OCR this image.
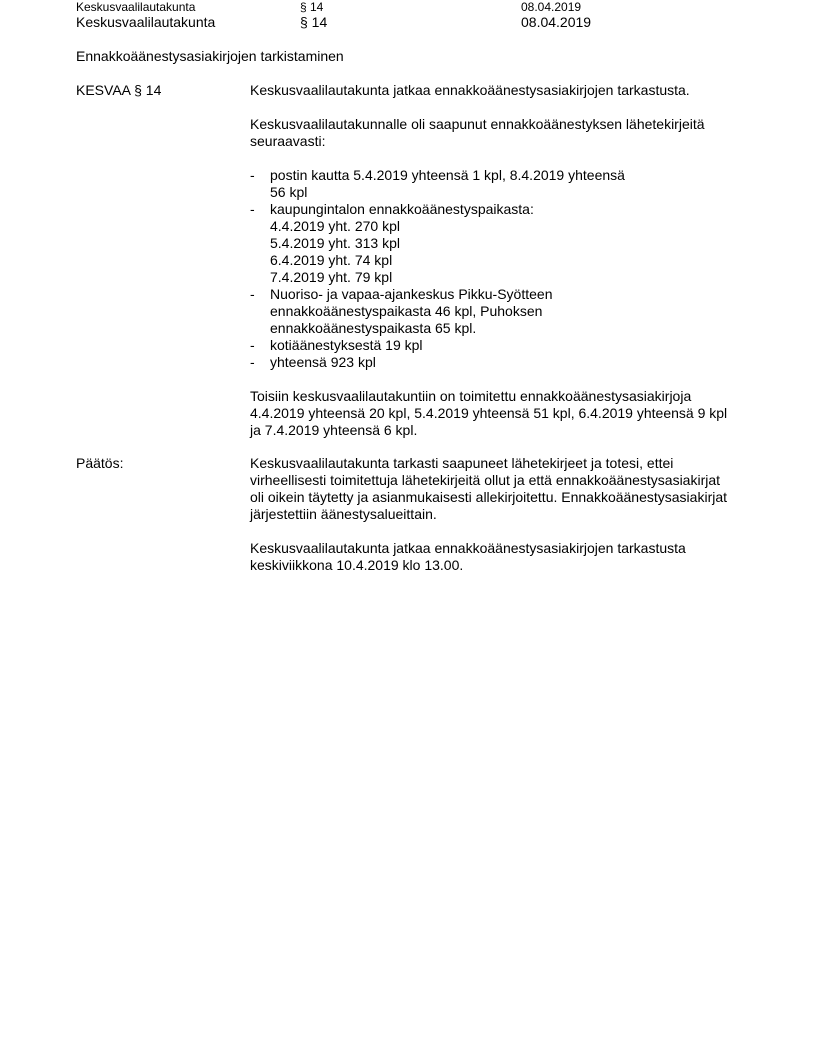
Keskusvaalilautakunta	§ 14	08.04.2019
Keskusvaalilautakunta	§ 14	08.04.2019
Ennakkoäänestysasiakirjojen tarkistaminen
KESVAA § 14	Keskusvaalilautakunta jatkaa ennakkoäänestysasiakirjojen tarkastusta.

Keskusvaalilautakunnalle oli saapunut ennakkoäänestyksen lähetekirjeitä seuraavasti:

- postin kautta 5.4.2019 yhteensä 1 kpl, 8.4.2019 yhteensä
56 kpl
- kaupungintalon ennakkoäänestyspaikasta:
4.4.2019 yht. 270 kpl
5.4.2019 yht. 313 kpl
6.4.2019 yht. 74 kpl
7.4.2019 yht. 79 kpl
- Nuoriso- ja vapaa-ajankeskus Pikku-Syötteen
ennakkoäänestyspaikasta 46 kpl, Puhoksen
ennakkoäänestyspaikasta 65 kpl.
- kotiäänestyksestä 19 kpl
- yhteensä 923 kpl

Toisiin keskusvaalilautakuntiin on toimitettu ennakkoäänestysasiakirjoja 4.4.2019 yhteensä 20 kpl, 5.4.2019 yhteensä 51 kpl, 6.4.2019 yhteensä 9 kpl ja 7.4.2019 yhteensä 6 kpl.

Päätös:	Keskusvaalilautakunta tarkasti saapuneet lähetekirjeet ja totesi, ettei virheellisesti toimitettuja lähetekirjeitä ollut ja että ennakkoäänestysasiakirjat oli oikein täytetty ja asianmukaisesti allekirjoitettu. Ennakkoäänestysasiakirjat järjestettiin äänestysalueittain.

Keskusvaalilautakunta jatkaa ennakkoäänestysasiakirjojen tarkastusta keskiviikkona 10.4.2019 klo 13.00.
